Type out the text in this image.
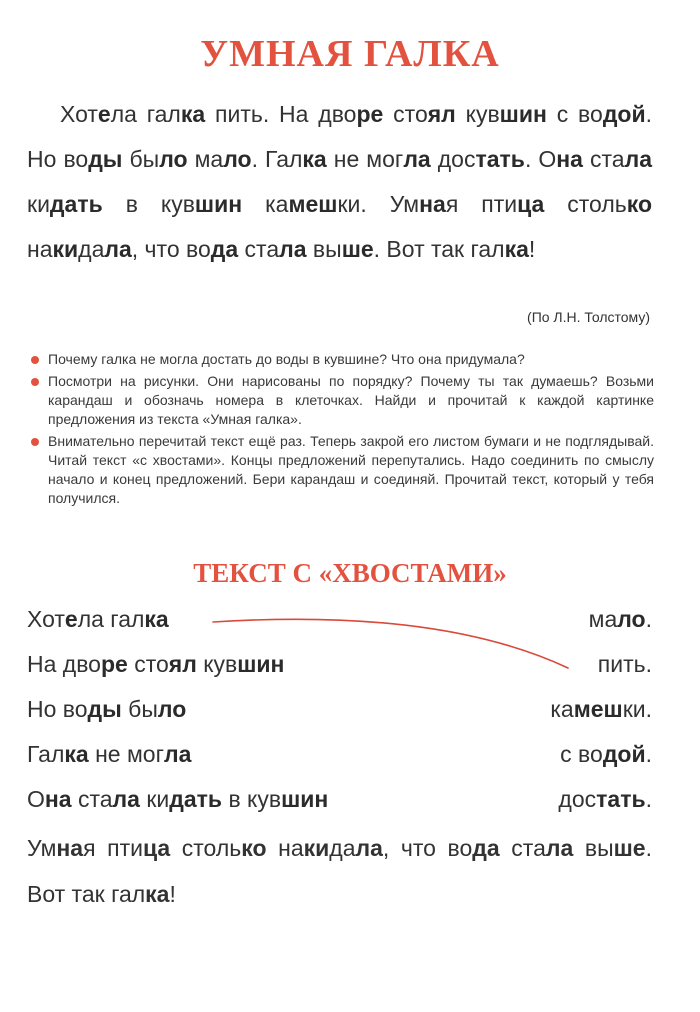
УМНАЯ ГАЛКА
Хотела галка пить. На дворе стоял кувшин с водой. Но воды было мало. Галка не могла достать. Она стала кидать в кувшин камешки. Умная птица столько накидала, что вода стала выше. Вот так галка!
(По Л.Н. Толстому)
Почему галка не могла достать до воды в кувшине? Что она придумала?
Посмотри на рисунки. Они нарисованы по порядку? Почему ты так думаешь? Возьми карандаш и обозначь номера в клеточках. Найди и прочитай к каждой картинке предложения из текста «Умная галка».
Внимательно перечитай текст ещё раз. Теперь закрой его листом бумаги и не подглядывай. Читай текст «с хвостами». Концы предложений перепутались. Надо соединить по смыслу начало и конец предложений. Бери карандаш и соединяй. Прочитай текст, который у тебя получился.
ТЕКСТ С «ХВОСТАМИ»
Хотела галка	мало.
На дворе стоял кувшин	пить.
Но воды было	камешки.
Галка не могла	с водой.
Она стала кидать в кувшин	достать.
Умная птица столько накидала, что вода стала выше. Вот так галка!
